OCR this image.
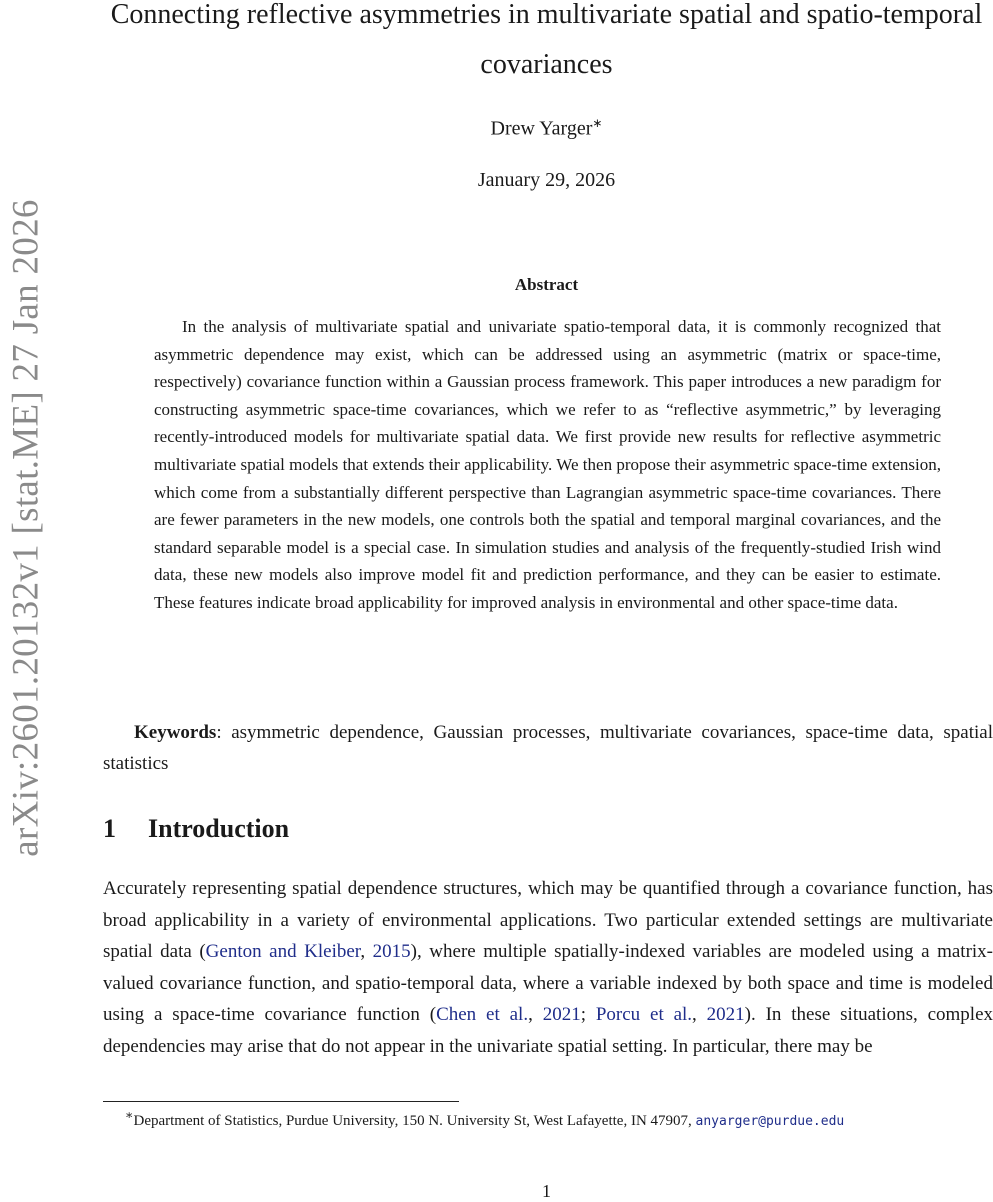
arXiv:2601.20132v1 [stat.ME] 27 Jan 2026
Connecting reflective asymmetries in multivariate spatial and spatio-temporal covariances
Drew Yarger∗
January 29, 2026
Abstract

In the analysis of multivariate spatial and univariate spatio-temporal data, it is commonly recognized that asymmetric dependence may exist, which can be addressed using an asymmetric (matrix or space-time, respectively) covariance function within a Gaussian process framework. This paper introduces a new paradigm for constructing asymmetric space-time covariances, which we refer to as “reflective asymmetric,” by leveraging recently-introduced models for multivariate spatial data. We first provide new results for reflective asymmetric multivariate spatial models that extends their applicability. We then propose their asymmetric space-time extension, which come from a substantially different perspective than Lagrangian asymmetric space-time covariances. There are fewer parameters in the new models, one controls both the spatial and temporal marginal covariances, and the standard separable model is a special case. In simulation studies and analysis of the frequently-studied Irish wind data, these new models also improve model fit and prediction performance, and they can be easier to estimate. These features indicate broad applicability for improved analysis in environmental and other space-time data.

Keywords: asymmetric dependence, Gaussian processes, multivariate covariances, space-time data, spatial statistics

1 Introduction

Accurately representing spatial dependence structures, which may be quantified through a covariance function, has broad applicability in a variety of environmental applications. Two particular extended settings are multivariate spatial data (Genton and Kleiber, 2015), where multiple spatially-indexed variables are modeled using a matrix-valued covariance function, and spatio-temporal data, where a variable indexed by both space and time is modeled using a space-time covariance function (Chen et al., 2021; Porcu et al., 2021). In these situations, complex dependencies may arise that do not appear in the univariate spatial setting. In particular, there may be

∗Department of Statistics, Purdue University, 150 N. University St, West Lafayette, IN 47907, anyarger@purdue.edu

1
